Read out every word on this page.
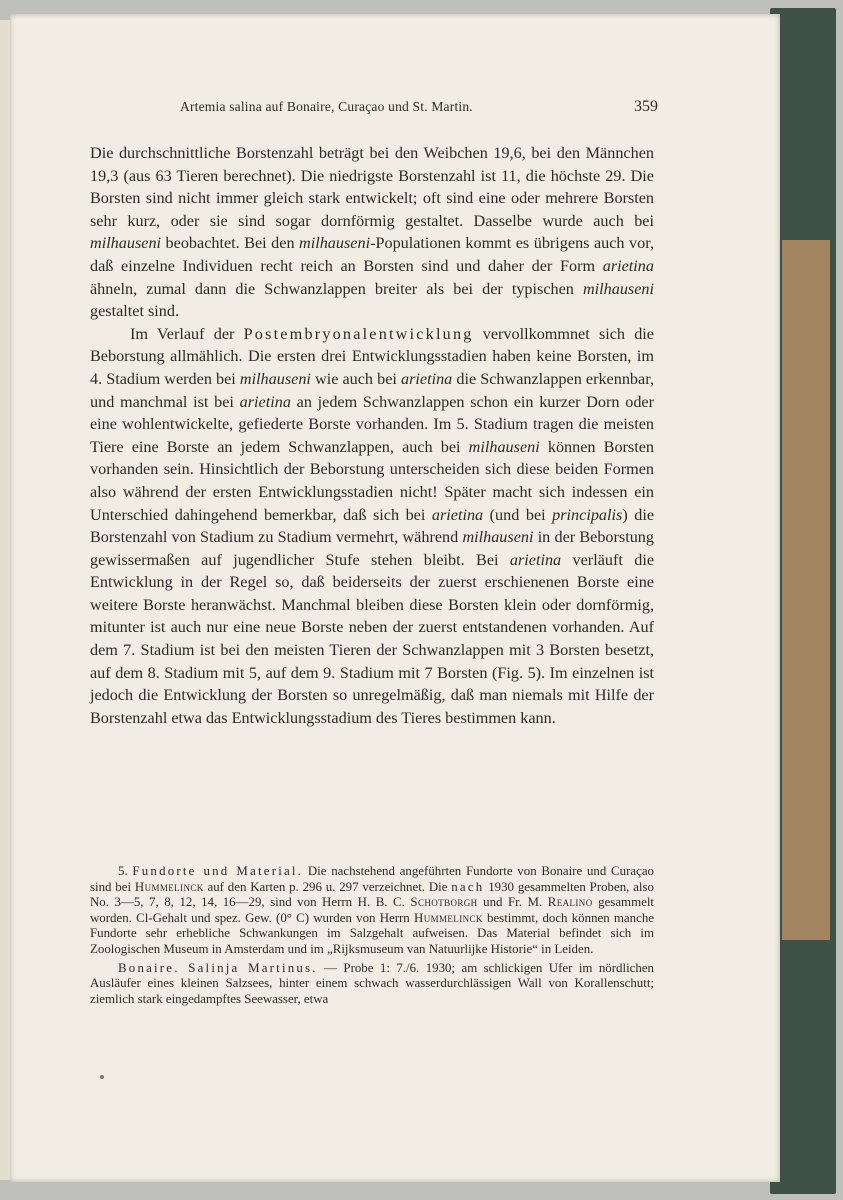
Artemia salina auf Bonaire, Curaçao und St. Martin.	359

Die durchschnittliche Borstenzahl beträgt bei den Weibchen 19,6, bei den Männchen 19,3 (aus 63 Tieren berechnet). Die niedrigste Borstenzahl ist 11, die höchste 29. Die Borsten sind nicht immer gleich stark entwickelt; oft sind eine oder mehrere Borsten sehr kurz, oder sie sind sogar dornförmig gestaltet. Dasselbe wurde auch bei milhauseni beobachtet. Bei den milhauseni-Populationen kommt es übrigens auch vor, daß einzelne Individuen recht reich an Borsten sind und daher der Form arietina ähneln, zumal dann die Schwanzlappen breiter als bei der typischen milhauseni gestaltet sind.

Im Verlauf der Postembryonalentwicklung vervollkommnet sich die Beborstung allmählich. Die ersten drei Entwicklungsstadien haben keine Borsten, im 4. Stadium werden bei milhauseni wie auch bei arietina die Schwanzlappen erkennbar, und manchmal ist bei arietina an jedem Schwanzlappen schon ein kurzer Dorn oder eine wohlentwickelte, gefiederte Borste vorhanden. Im 5. Stadium tragen die meisten Tiere eine Borste an jedem Schwanzlappen, auch bei milhauseni können Borsten vorhanden sein. Hinsichtlich der Beborstung unterscheiden sich diese beiden Formen also während der ersten Entwicklungsstadien nicht! Später macht sich indessen ein Unterschied dahingehend bemerkbar, daß sich bei arietina (und bei principalis) die Borstenzahl von Stadium zu Stadium vermehrt, während milhauseni in der Beborstung gewissermaßen auf jugendlicher Stufe stehen bleibt. Bei arietina verläuft die Entwicklung in der Regel so, daß beiderseits der zuerst erschienenen Borste eine weitere Borste heranwächst. Manchmal bleiben diese Borsten klein oder dornförmig, mitunter ist auch nur eine neue Borste neben der zuerst entstandenen vorhanden. Auf dem 7. Stadium ist bei den meisten Tieren der Schwanzlappen mit 3 Borsten besetzt, auf dem 8. Stadium mit 5, auf dem 9. Stadium mit 7 Borsten (Fig. 5). Im einzelnen ist jedoch die Entwicklung der Borsten so unregelmäßig, daß man niemals mit Hilfe der Borstenzahl etwa das Entwicklungsstadium des Tieres bestimmen kann.

5. Fundorte und Material. Die nachstehend angeführten Fundorte von Bonaire und Curaçao sind bei Hummelinck auf den Karten p. 296 u. 297 verzeichnet. Die nach 1930 gesammelten Proben, also No. 3—5, 7, 8, 12, 14, 16—29, sind von Herrn H. B. C. Schotborgh und Fr. M. Realino gesammelt worden. Cl-Gehalt und spez. Gew. (0° C) wurden von Herrn Hummelinck bestimmt, doch können manche Fundorte sehr erhebliche Schwankungen im Salzgehalt aufweisen. Das Material befindet sich im Zoologischen Museum in Amsterdam und im „Rijksmuseum van Natuurlijke Historie“ in Leiden.

Bonaire. Salinja Martinus. — Probe 1: 7./6. 1930; am schlickigen Ufer im nördlichen Ausläufer eines kleinen Salzsees, hinter einem schwach wasserdurchlässigen Wall von Korallenschutt; ziemlich stark eingedampftes Seewasser, etwa
